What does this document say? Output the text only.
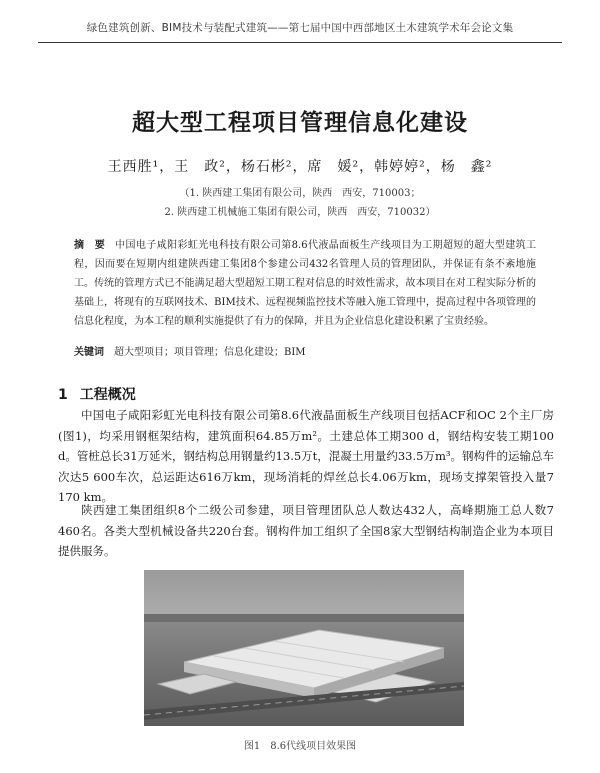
绿色建筑创新、BIM技术与装配式建筑——第七届中国中西部地区土木建筑学术年会论文集
超大型工程项目管理信息化建设
王西胜¹，王　政²，杨石彬²，席　媛²，韩婷婷²，杨　鑫²
（1. 陕西建工集团有限公司，陕西　西安，710003；
2. 陕西建工机械施工集团有限公司，陕西　西安，710032）
摘　要 中国电子咸阳彩虹光电科技有限公司第8.6代液晶面板生产线项目为工期超短的超大型建筑工程，因而要在短期内组建陕西建工集团8个参建公司432名管理人员的管理团队，并保证有条不紊地施工。传统的管理方式已不能满足超大型超短工期工程对信息的时效性需求，故本项目在对工程实际分析的基础上，将现有的互联网技术、BIM技术、远程视频监控技术等融入施工管理中，提高过程中各项管理的信息化程度，为本工程的顺利实施提供了有力的保障，并且为企业信息化建设积累了宝贵经验。
关键词 超大型项目；项目管理；信息化建设；BIM
1 工程概况

中国电子咸阳彩虹光电科技有限公司第8.6代液晶面板生产线项目包括ACF和OC 2个主厂房(图1)，均采用钢框架结构，建筑面积64.85万m²。土建总体工期300 d，钢结构安装工期100 d。管桩总长31万延米，钢结构总用钢量约13.5万t，混凝土用量约33.5万m³。钢构件的运输总车次达5 600车次，总运距达616万km，现场消耗的焊丝总长4.06万km，现场支撑架管投入量7 170 km。

陕西建工集团组织8个二级公司参建，项目管理团队总人数达432人，高峰期施工总人数7 460名。各类大型机械设备共220台套。钢构件加工组织了全国8家大型钢结构制造企业为本项目提供服务。

图1　8.6代线项目效果图
